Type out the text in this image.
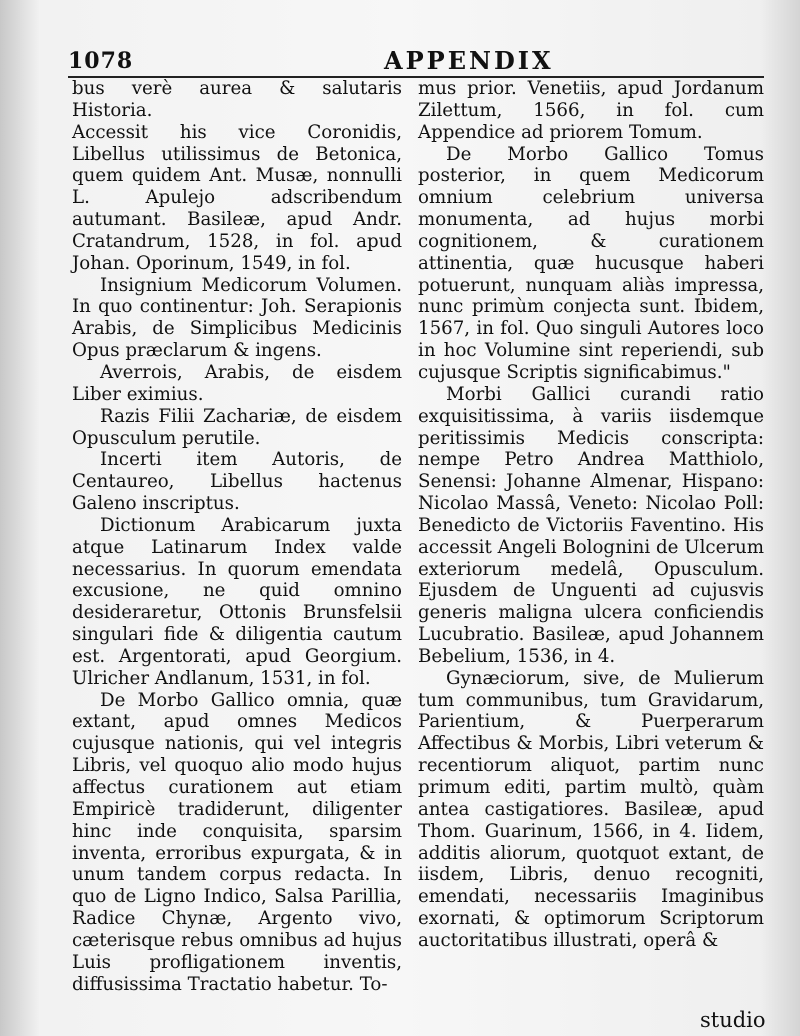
1078	APPENDIX

bus verè aurea & salutaris Historia.

Accessit his vice Coronidis, Libellus utilissimus de Betonica, quem quidem Ant. Musæ, nonnulli L. Apulejo adscribendum autumant. Basileæ, apud Andr. Cratandrum, 1528, in fol. apud Johan. Oporinum, 1549, in fol.

Insignium Medicorum Volumen. In quo continentur: Joh. Serapionis Arabis, de Simplicibus Medicinis Opus præclarum & ingens.

Averrois, Arabis, de eisdem Liber eximius.

Razis Filii Zachariæ, de eisdem Opusculum perutile.

Incerti item Autoris, de Centaureo, Libellus hactenus Galeno inscriptus.

Dictionum Arabicarum juxta atque Latinarum Index valde necessarius. In quorum emendata excusione, ne quid omnino desideraretur, Ottonis Brunsfelsii singulari fide & diligentia cautum est. Argentorati, apud Georgium. Ulricher Andlanum, 1531, in fol.

De Morbo Gallico omnia, quæ extant, apud omnes Medicos cujusque nationis, qui vel integris Libris, vel quoquo alio modo hujus affectus curationem aut etiam Empiricè tradiderunt, diligenter hinc inde conquisita, sparsim inventa, erroribus expurgata, & in unum tandem corpus redacta. In quo de Ligno Indico, Salsa Parillia, Radice Chynæ, Argento vivo, cæterisque rebus omnibus ad hujus Luis profligationem inventis, diffusissima Tractatio habetur. To-

mus prior. Venetiis, apud Jordanum Zilettum, 1566, in fol. cum Appendice ad priorem Tomum.

De Morbo Gallico Tomus posterior, in quem Medicorum omnium celebrium universa monumenta, ad hujus morbi cognitionem, & curationem attinentia, quæ hucusque haberi potuerunt, nunquam aliàs impressa, nunc primùm conjecta sunt. Ibidem, 1567, in fol. Quo singuli Autores loco in hoc Volumine sint reperiendi, sub cujusque Scriptis significabimus."

Morbi Gallici curandi ratio exquisitissima, à variis iisdemque peritissimis Medicis conscripta: nempe Petro Andrea Matthiolo, Senensi: Johanne Almenar, Hispano: Nicolao Massâ, Veneto: Nicolao Poll: Benedicto de Victoriis Faventino. His accessit Angeli Bolognini de Ulcerum exteriorum medelâ, Opusculum. Ejusdem de Unguenti ad cujusvis generis maligna ulcera conficiendis Lucubratio. Basileæ, apud Johannem Bebelium, 1536, in 4.

Gynæciorum, sive, de Mulierum tum communibus, tum Gravidarum, Parientium, & Puerperarum Affectibus & Morbis, Libri veterum & recentiorum aliquot, partim nunc primum editi, partim multò, quàm antea castigatiores. Basileæ, apud Thom. Guarinum, 1566, in 4. Iidem, additis aliorum, quotquot extant, de iisdem, Libris, denuo recogniti, emendati, necessariis Imaginibus exornati, & optimorum Scriptorum auctoritatibus illustrati, operâ &

studio
